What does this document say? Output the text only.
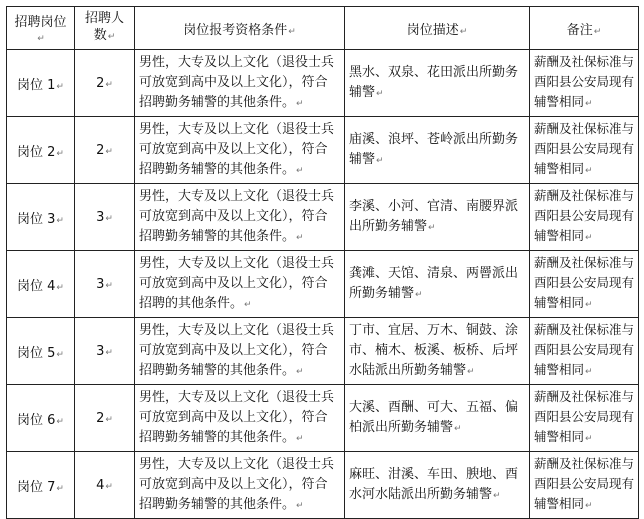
招聘岗位↵	招聘人数↵	岗位报考资格条件↵	岗位描述↵	备注↵
岗位 1↵	2↵	男性，大专及以上文化（退役士兵可放宽到高中及以上文化），符合招聘勤务辅警的其他条件。↵	黑水、双泉、花田派出所勤务辅警↵	薪酬及社保标准与酉阳县公安局现有辅警相同↵
岗位 2↵	2↵	男性，大专及以上文化（退役士兵可放宽到高中及以上文化），符合招聘勤务辅警的其他条件。↵	庙溪、浪坪、苍岭派出所勤务辅警↵	薪酬及社保标准与酉阳县公安局现有辅警相同↵
岗位 3↵	3↵	男性，大专及以上文化（退役士兵可放宽到高中及以上文化），符合招聘勤务辅警的其他条件。↵	李溪、小河、官清、南腰界派出所勤务辅警↵	薪酬及社保标准与酉阳县公安局现有辅警相同↵
岗位 4↵	3↵	男性，大专及以上文化（退役士兵可放宽到高中及以上文化），符合招聘的其他条件。↵	龚滩、天馆、清泉、两罾派出所勤务辅警↵	薪酬及社保标准与酉阳县公安局现有辅警相同↵
岗位 5↵	3↵	男性，大专及以上文化（退役士兵可放宽到高中及以上文化），符合招聘勤务辅警的其他条件。↵	丁市、宜居、万木、铜鼓、涂市、楠木、板溪、板桥、后坪水陆派出所勤务辅警↵	薪酬及社保标准与酉阳县公安局现有辅警相同↵
岗位 6↵	2↵	男性，大专及以上文化（退役士兵可放宽到高中及以上文化），符合招聘勤务辅警的其他条件。↵	大溪、酉酬、可大、五福、偏柏派出所勤务辅警↵	薪酬及社保标准与酉阳县公安局现有辅警相同↵
岗位 7↵	4↵	男性，大专及以上文化（退役士兵可放宽到高中及以上文化），符合招聘勤务辅警的其他条件。↵	麻旺、泔溪、车田、腴地、酉水河水陆派出所勤务辅警↵	薪酬及社保标准与酉阳县公安局现有辅警相同↵
